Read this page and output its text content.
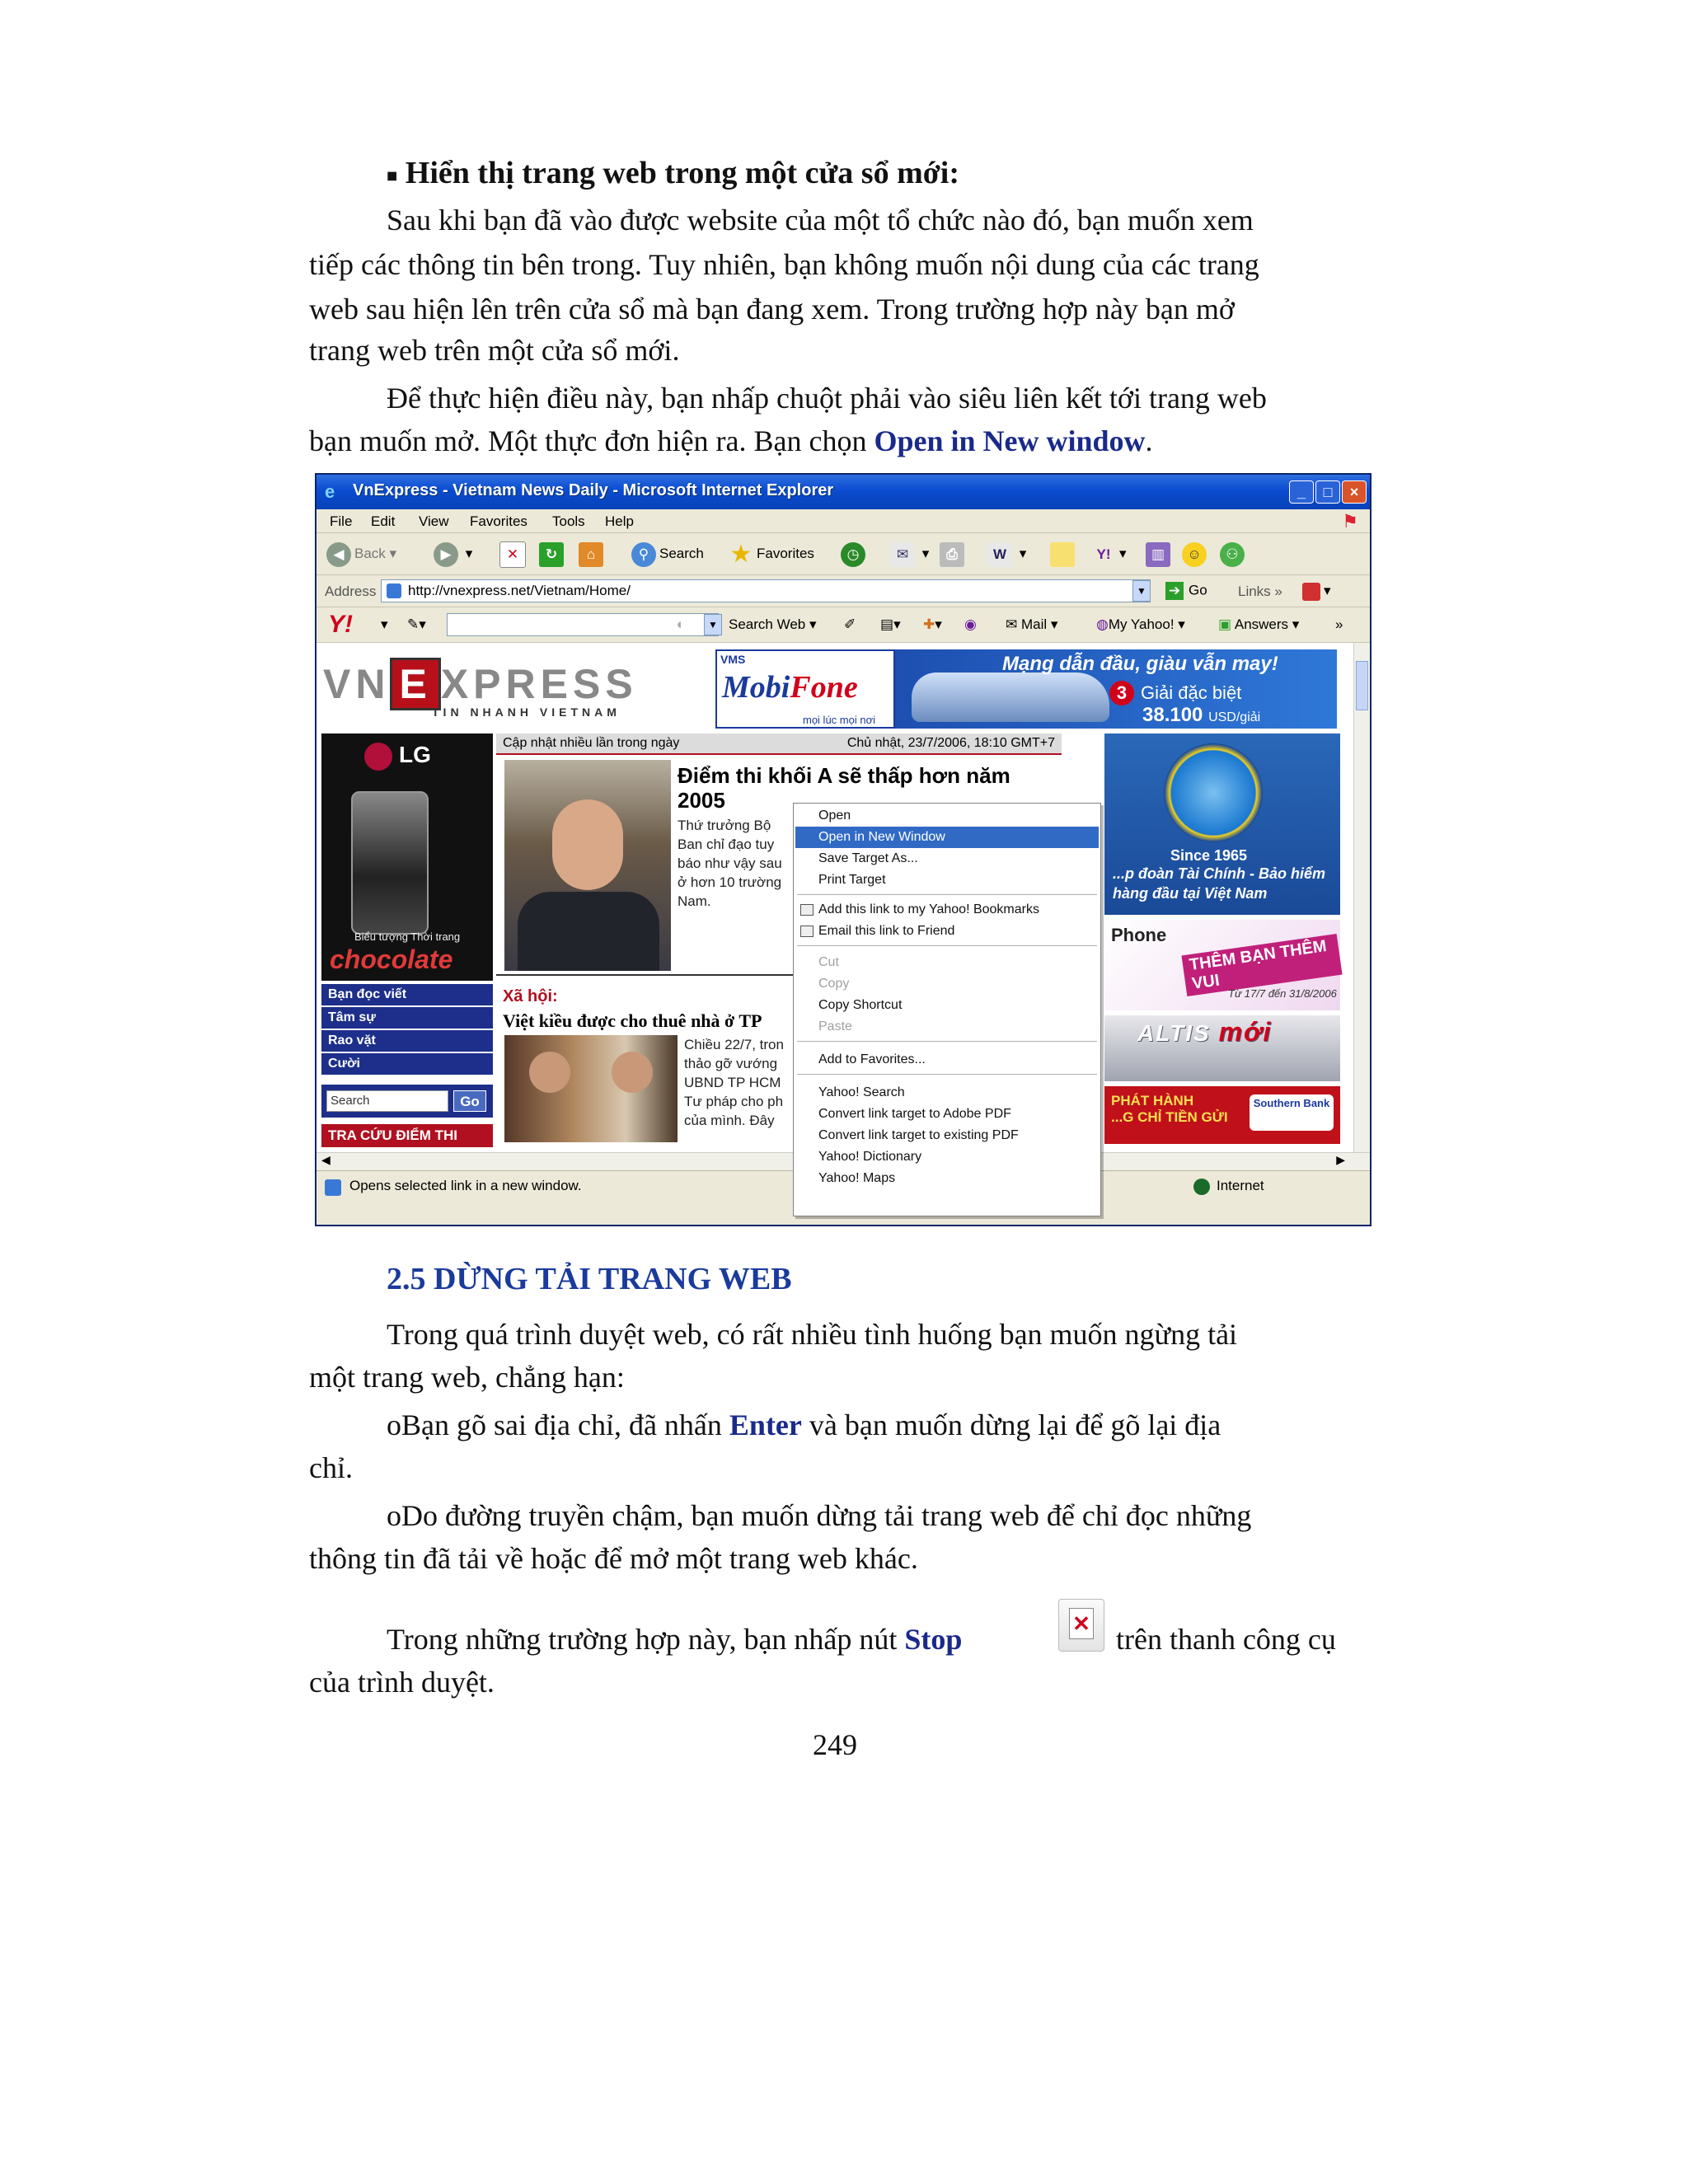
■ Hiển thị trang web trong một cửa sổ mới:
Sau khi bạn đã vào được website của một tổ chức nào đó, bạn muốn xem
tiếp các thông tin bên trong. Tuy nhiên, bạn không muốn nội dung của các trang
web sau hiện lên trên cửa sổ mà bạn đang xem. Trong trường hợp này bạn mở
trang web trên một cửa sổ mới.
Để thực hiện điều này, bạn nhấp chuột phải vào siêu liên kết tới trang web
bạn muốn mở. Một thực đơn hiện ra. Bạn chọn Open in New window.
e	VnExpress - Vietnam News Daily - Microsoft Internet Explorer	_	□	×
File Edit View Favorites Tools Help	⚑
◀ Back ▾	▶ ▾	✕	↻	⌂	⚲ Search ★ Favorites	◷	✉ ▾	⎙	W ▾	Y! ▾	▥	☺	⚇
Address	http://vnexpress.net/Vietnam/Home/	▼ ➔ Go Links »	▾
Y! ▾ ✎▾	◐	▼ Search Web ▾ ✐ ▤▾ ✚▾ ◉ ✉ Mail ▾	◍My Yahoo! ▾ ▣ Answers ▾	»
VN E XPRESS
TIN NHANH VIETNAM
VMS
MobiFone
mọi lúc mọi nơi
Mạng dẫn đầu, giàu vẫn may!
3 Giải đặc biệt
38.100 USD/giải
LG
Biểu tượng Thời trang
chocolate
Bạn đọc viết
Tâm sự
Rao vặt
Cười
Search	Go
TRA CỨU ĐIỂM THI
Cập nhật nhiều lần trong ngày	Chủ nhật, 23/7/2006, 18:10 GMT+7
Điểm thi khối A sẽ thấp hơn năm 2005
Thứ trưởng Bộ
Ban chỉ đạo tuy
báo như vậy sau
ở hơn 10 trường
Nam.
Xã hội:
Việt kiều được cho thuê nhà ở TP
Chiều 22/7, tron
thảo gỡ vướng
UBND TP HCM
Tư pháp cho ph
của mình. Đây
Since 1965
...p đoàn Tài Chính - Bảo hiểm
hàng đầu tại Việt Nam
Phone
THÊM BẠN THÊM VUI
Từ 17/7 đến 31/8/2006
ALTIS mới
PHÁT HÀNH
...G CHỈ TIỀN GỬI
Southern Bank
◀	▶
Opens selected link in a new window.	Internet
Open
Open in New Window
Save Target As...
Print Target
Add this link to my Yahoo! Bookmarks
Email this link to Friend
Cut
Copy
Copy Shortcut
Paste
Add to Favorites...
Yahoo! Search
Convert link target to Adobe PDF
Convert link target to existing PDF
Yahoo! Dictionary
Yahoo! Maps
2.5 DỪNG TẢI TRANG WEB
Trong quá trình duyệt web, có rất nhiều tình huống bạn muốn ngừng tải
một trang web, chẳng hạn:
oBạn gõ sai địa chỉ, đã nhấn Enter và bạn muốn dừng lại để gõ lại địa
chỉ.
oDo đường truyền chậm, bạn muốn dừng tải trang web để chỉ đọc những
thông tin đã tải về hoặc để mở một trang web khác.
Trong những trường hợp này, bạn nhấp nút Stop	✕ trên thanh công cụ
của trình duyệt.
249
